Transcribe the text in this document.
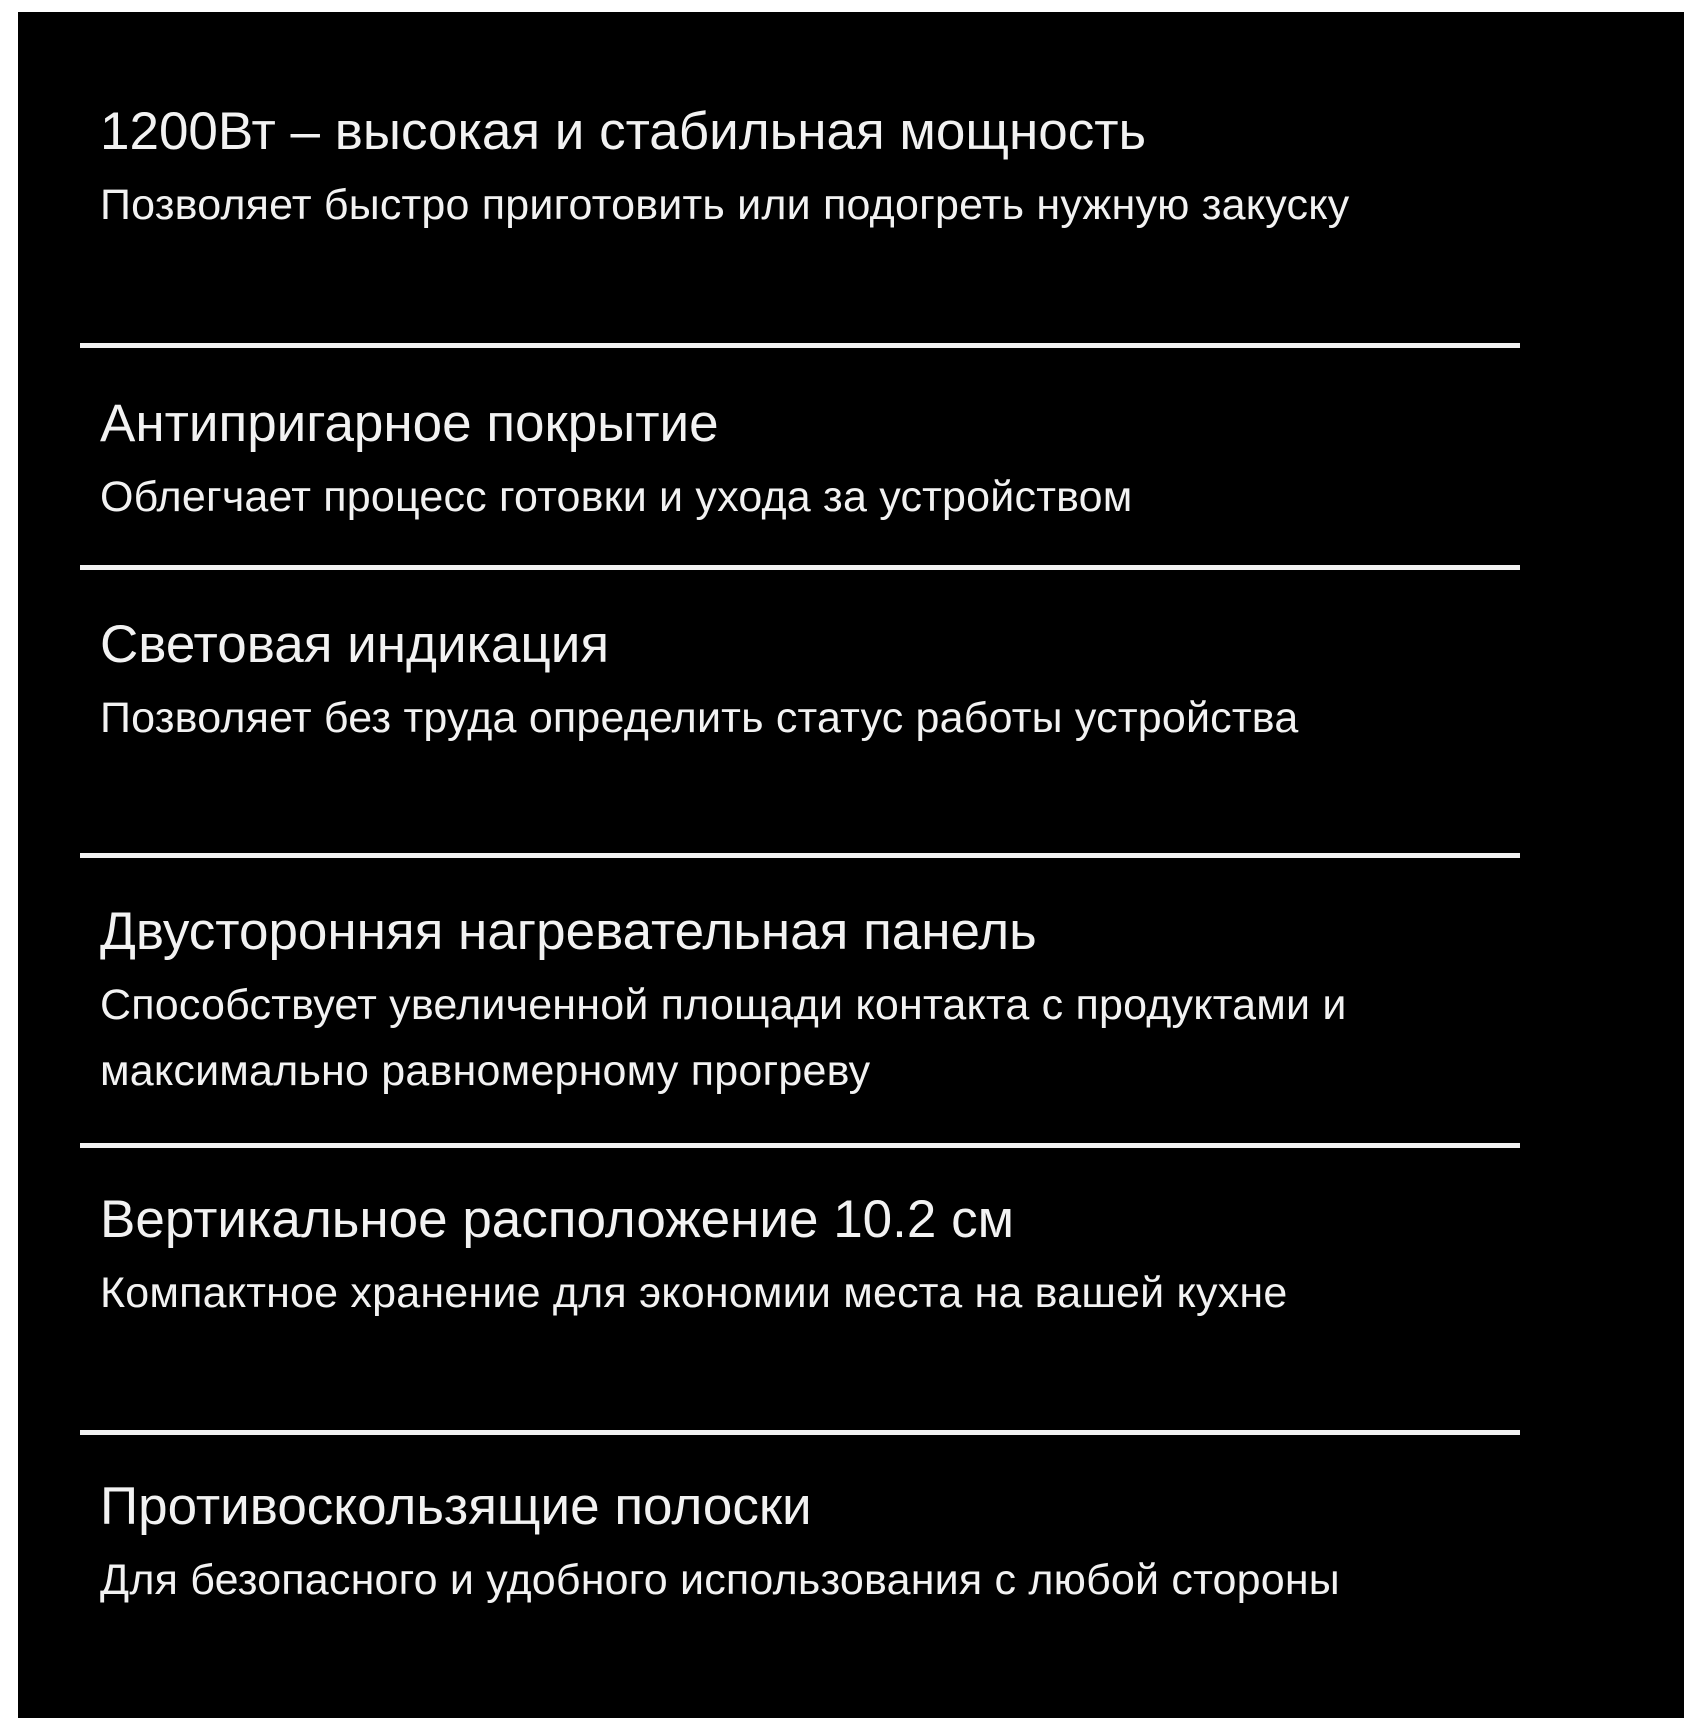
1200Вт – высокая и стабильная мощность

Позволяет быстро приготовить или подогреть нужную закуску

Антипригарное покрытие

Облегчает процесс готовки и ухода за устройством

Световая индикация

Позволяет без труда определить статус работы устройства

Двусторонняя нагревательная панель

Способствует увеличенной площади контакта с продуктами и максимально равномерному прогреву

Вертикальное расположение 10.2 см

Компактное хранение для экономии места на вашей кухне

Противоскользящие полоски

Для безопасного и удобного использования с любой стороны
